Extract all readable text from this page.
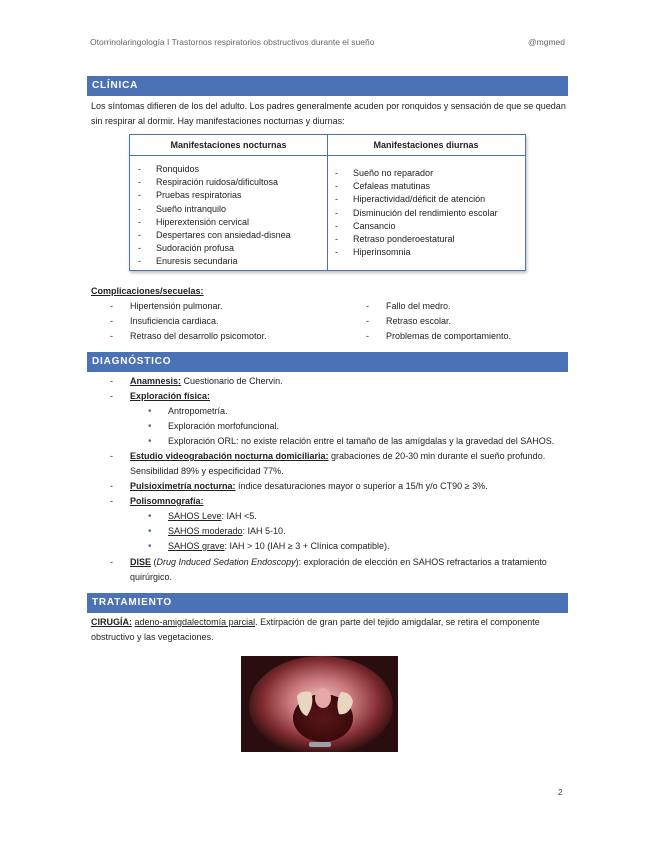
Otorrinolaringología I Trastornos respiratorios obstructivos durante el sueño	@mgmed
CLÍNICA
Los síntomas difieren de los del adulto. Los padres generalmente acuden por ronquidos y sensación de que se quedan sin respirar al dormir. Hay manifestaciones nocturnas y diurnas:
Manifestaciones nocturnas	Manifestaciones diurnas
- Ronquidos
- Respiración ruidosa/dificultosa
- Pruebas respiratorias
- Sueño intranquilo
- Hiperextensión cervical
- Despertares con ansiedad-disnea
- Sudoración profusa
- Enuresis secundaria
- Sueño no reparador
- Cefaleas matutinas
- Hiperactividad/déficit de atención
- Disminución del rendimiento escolar
- Cansancio
- Retraso ponderoestatural
- Hiperinsomnia
Complicaciones/secuelas:
- Hipertensión pulmonar.
- Insuficiencia cardiaca.
- Retraso del desarrollo psicomotor.
- Fallo del medro.
- Retraso escolar.
- Problemas de comportamiento.
DIAGNÓSTICO
- Anamnesis: Cuestionario de Chervin.
- Exploración física:
• Antropometría.
• Exploración morfofuncional.
• Exploración ORL: no existe relación entre el tamaño de las amígdalas y la gravedad del SAHOS.
- Estudio videograbación nocturna domiciliaria: grabaciones de 20-30 min durante el sueño profundo.
Sensibilidad 89% y especificidad 77%.
- Pulsioximetría nocturna: índice desaturaciones mayor o superior a 15/h y/o CT90 ≥ 3%.
- Polisomnografía:
• SAHOS Leve: IAH <5.
• SAHOS moderado: IAH 5-10.
• SAHOS grave: IAH > 10 (IAH ≥ 3 + Clínica compatible).
- DISE (Drug Induced Sedation Endoscopy): exploración de elección en SAHOS refractarios a tratamiento
quirúrgico.
TRATAMIENTO
CIRUGÍA: adeno-amigdalectomía parcial. Extirpación de gran parte del tejido amigdalar, se retira el componente
obstructivo y las vegetaciones.
2
